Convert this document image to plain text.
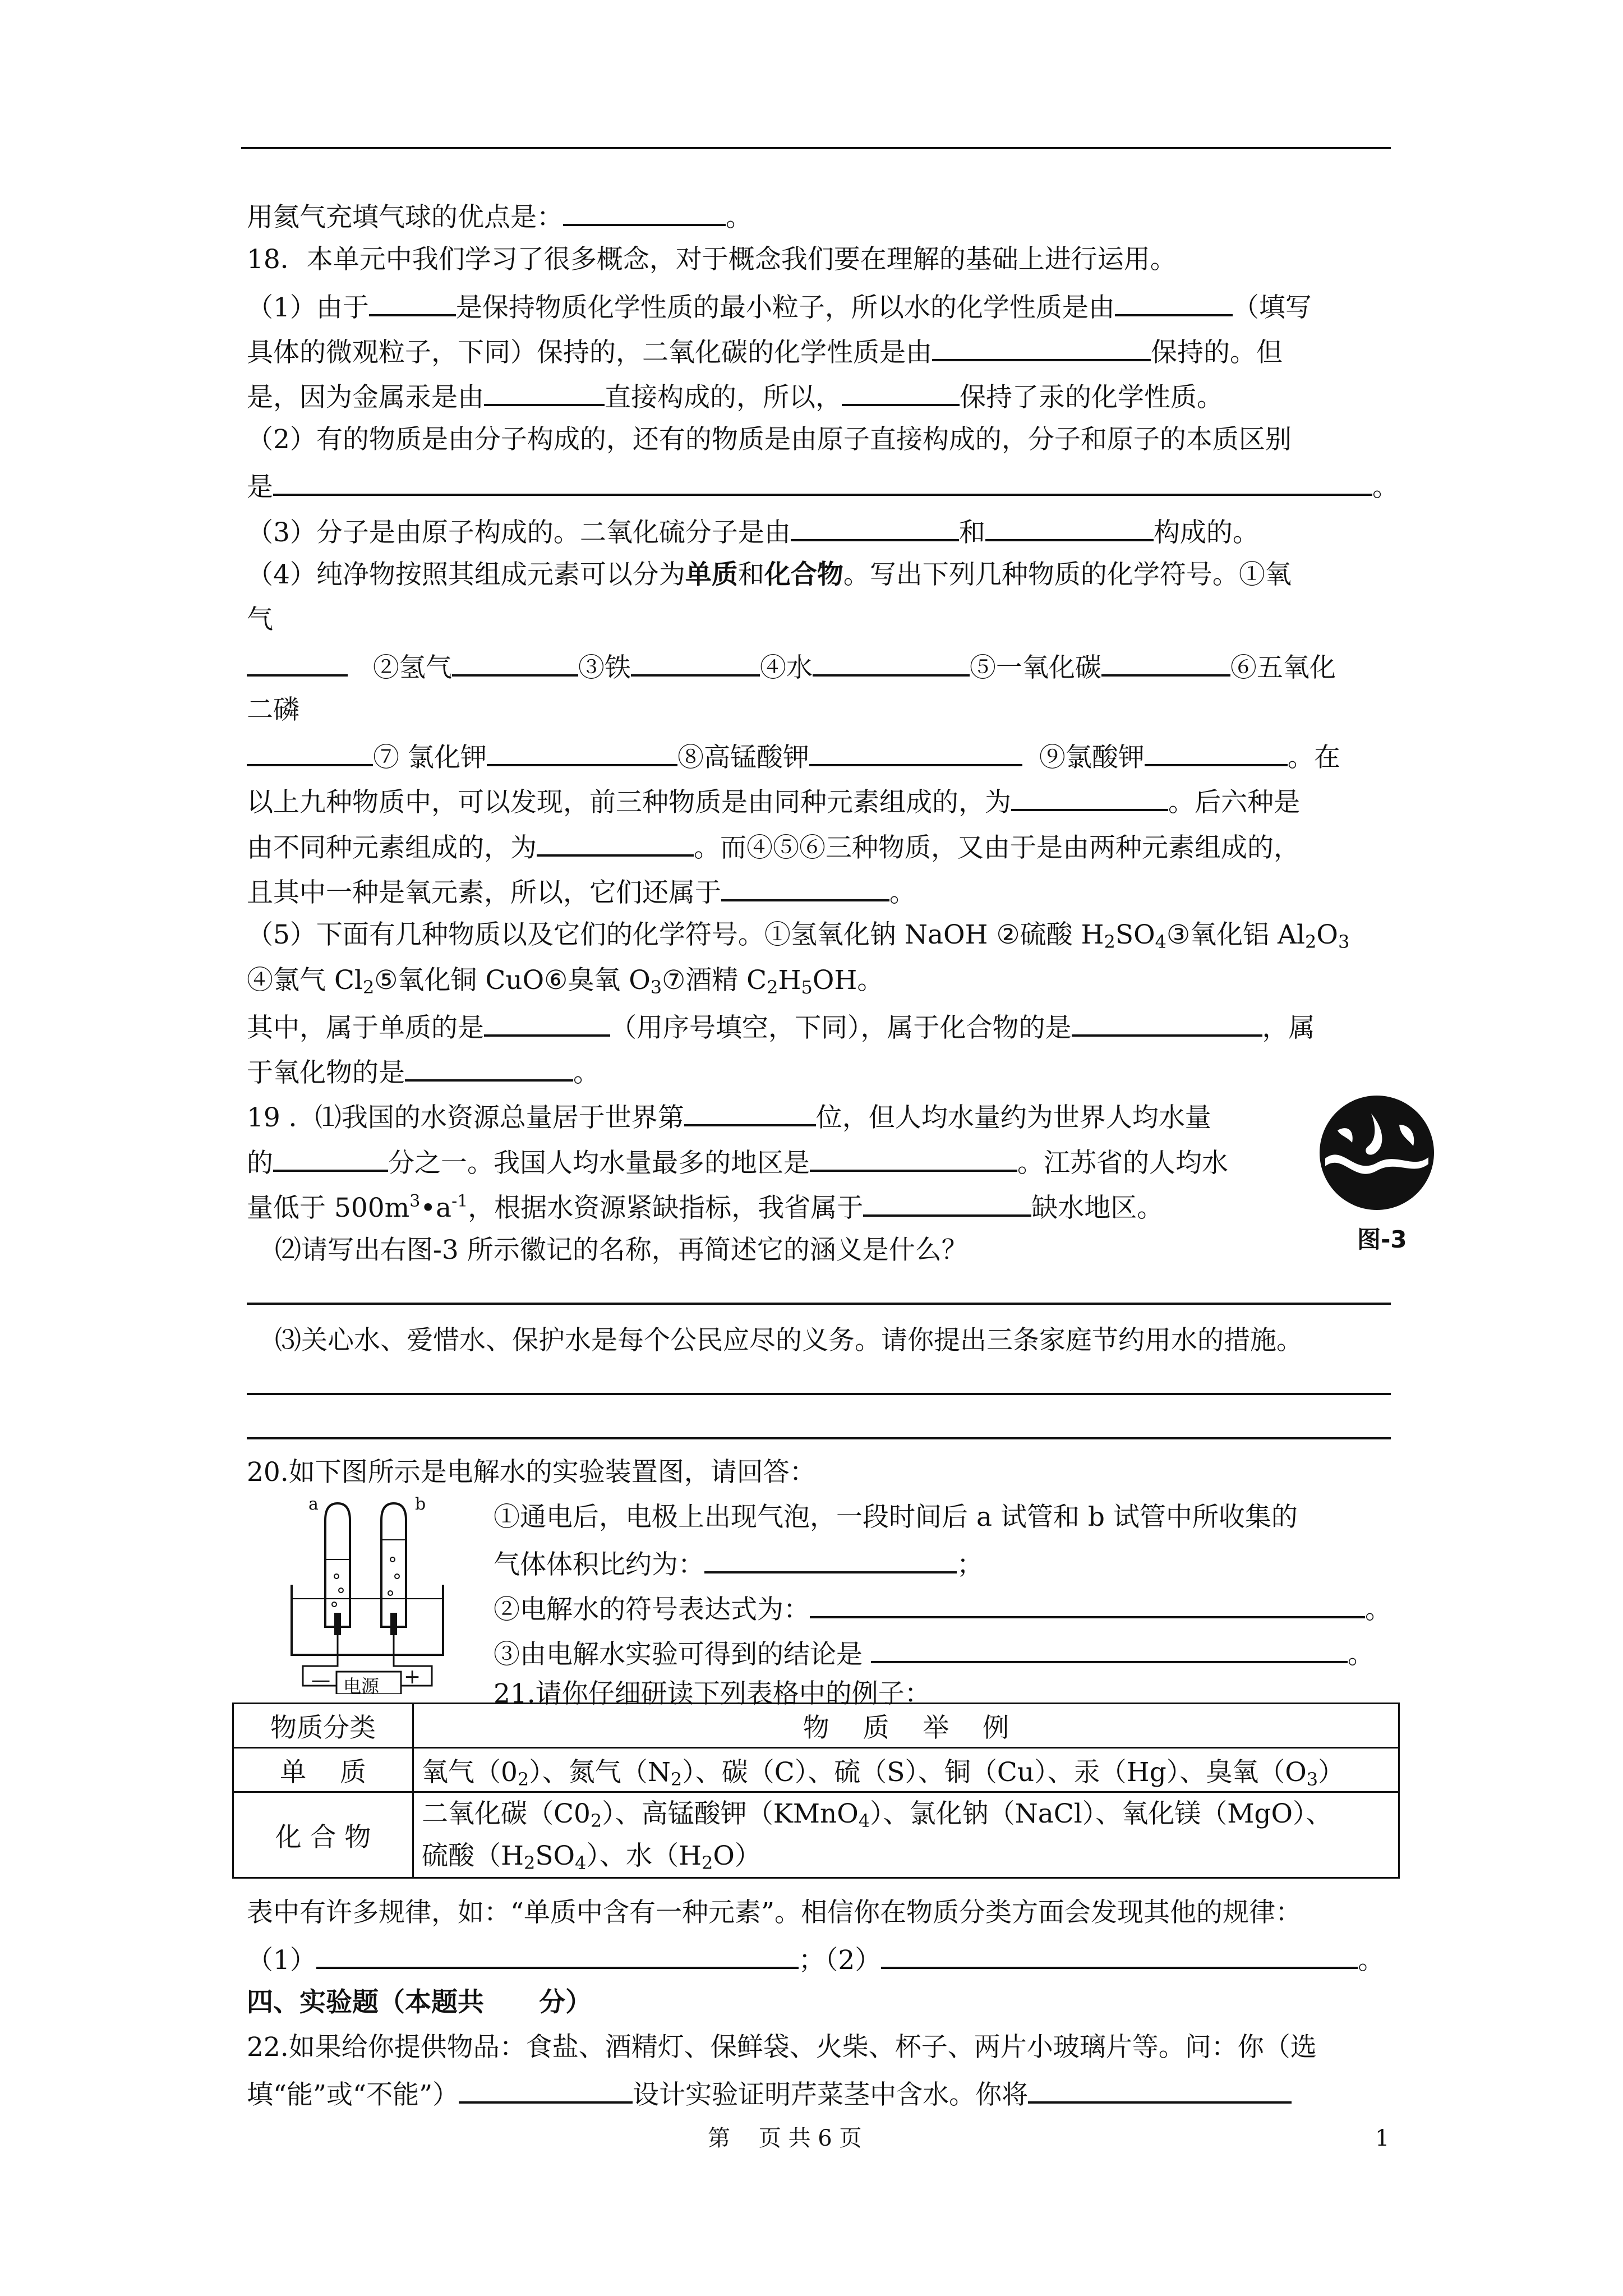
用氦气充填气球的优点是：	。
18．本单元中我们学习了很多概念，对于概念我们要在理解的基础上进行运用。
（1）由于	是保持物质化学性质的最小粒子，所以水的化学性质是由	（填写
具体的微观粒子，下同）保持的，二氧化碳的化学性质是由	保持的。但
是，因为金属汞是由	直接构成的，所以，	保持了汞的化学性质。
（2）有的物质是由分子构成的，还有的物质是由原子直接构成的，分子和原子的本质区别
是	。
（3）分子是由原子构成的。二氧化硫分子是由	和	构成的。
（4）纯净物按照其组成元素可以分为单质和化合物。写出下列几种物质的化学符号。①氧
气
②氢气	③铁	④水	⑤一氧化碳	⑥五氧化
二磷
⑦ 氯化钾	⑧高锰酸钾	⑨氯酸钾	。在
以上九种物质中，可以发现，前三种物质是由同种元素组成的，为	。后六种是
由不同种元素组成的，为	。而④⑤⑥三种物质，又由于是由两种元素组成的，
且其中一种是氧元素，所以，它们还属于	。
（5）下面有几种物质以及它们的化学符号。①氢氧化钠 NaOH ②硫酸 $H_2SO_4③$氧化铝 $Al_2O_3$
④氯气 $Cl_2⑤$氧化铜 CuO⑥臭氧 $O_3⑦$酒精 $C_2H_5OH$。
其中，属于单质的是	（用序号填空，下同），属于化合物的是	，属
于氧化物的是	。
19 ．⑴我国的水资源总量居于世界第	位，但人均水量约为世界人均水量
的	分之一。我国人均水量最多的地区是	。江苏省的人均水
量低于 $500m^3•a^{-1}$，根据水资源紧缺指标，我省属于	缺水地区。
⑵请写出右图-3 所示徽记的名称，再简述它的涵义是什么？
⑶关心水、爱惜水、保护水是每个公民应尽的义务。请你提出三条家庭节约用水的措施。
图-3
20.如下图所示是电解水的实验装置图，请回答：
a	b
电源
—	+
①通电后，电极上出现气泡，一段时间后 a 试管和 b 试管中所收集的
气体体积比约为：	；
②电解水的符号表达式为：	。
③由电解水实验可得到的结论是	。
21.请你仔细研读下列表格中的例子：
物质分类	物    质    举    例
单    质	氧气$(0_2)$、氮气$(N_2)$、碳（C）、硫（S）、铜（Cu）、汞（Hg）、臭氧$(O_3)$
化 合 物	二氧化碳$(C0_2)$、高锰酸钾（KMnO$_4$）、氯化钠（NaCl）、氧化镁（MgO）、
硫酸$(H_2SO_4)$、水$(H_2O)$
表中有许多规律，如：“单质中含有一种元素”。相信你在物质分类方面会发现其他的规律：
（1）	；（2）	。
四、实验题（本题共      分）
22.如果给你提供物品：食盐、酒精灯、保鲜袋、火柴、杯子、两片小玻璃片等。问：你（选
填“能”或“不能”）	设计实验证明芹菜茎中含水。你将
第    页 共 6 页	1
